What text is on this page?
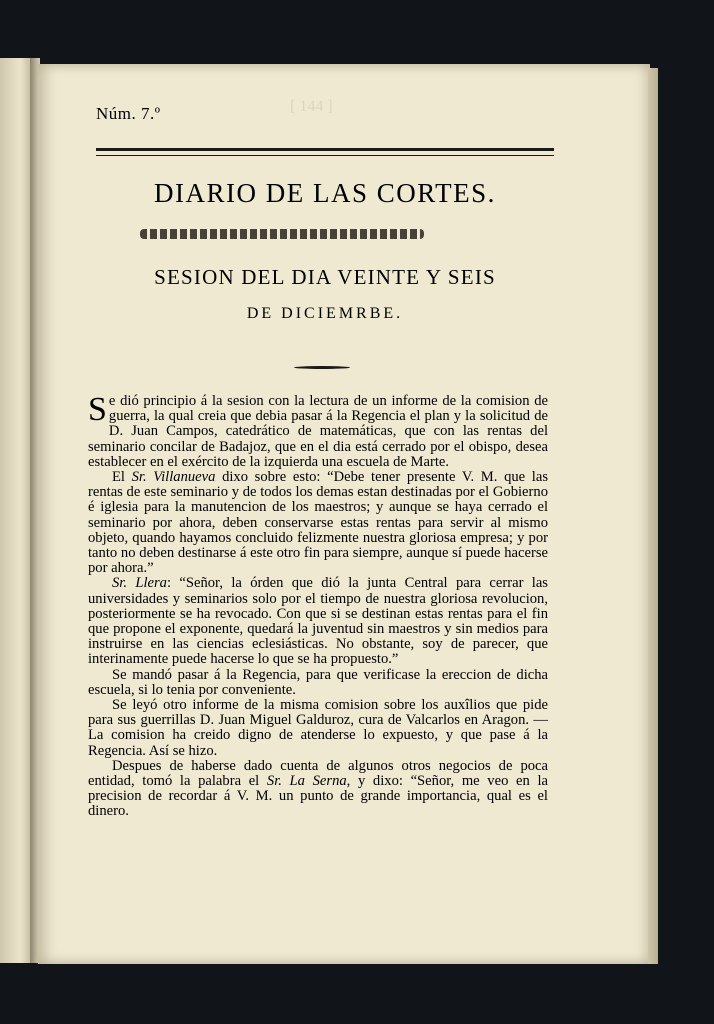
[ 144 ]
Núm. 7.º
DIARIO DE LAS CORTES.
SESION DEL DIA VEINTE Y SEIS
DE DICIEMRBE.

Se dió principio á la sesion con la lectura de un informe de la comision de guerra, la qual creia que debia pasar á la Regencia el plan y la solicitud de D. Juan Campos, catedrático de matemáticas, que con las rentas del seminario concilar de Badajoz, que en el dia está cerrado por el obispo, desea establecer en el exército de la izquierda una escuela de Marte.

El Sr. Villanueva dixo sobre esto: “Debe tener presente V. M. que las rentas de este seminario y de todos los demas estan destinadas por el Gobierno é iglesia para la manutencion de los maestros; y aunque se haya cerrado el seminario por ahora, deben conservarse estas rentas para servir al mismo objeto, quando hayamos concluido felizmente nuestra gloriosa empresa; y por tanto no deben destinarse á este otro fin para siempre, aunque sí puede hacerse por ahora.”

Sr. Llera: “Señor, la órden que dió la junta Central para cerrar las universidades y seminarios solo por el tiempo de nuestra gloriosa revolucion, posteriormente se ha revocado. Con que si se destinan estas rentas para el fin que propone el exponente, quedará la juventud sin maestros y sin medios para instruirse en las ciencias eclesiásticas. No obstante, soy de parecer, que interinamente puede hacerse lo que se ha propuesto.”

Se mandó pasar á la Regencia, para que verificase la ereccion de dicha escuela, si lo tenia por conveniente.

Se leyó otro informe de la misma comision sobre los auxîlios que pide para sus guerrillas D. Juan Miguel Galduroz, cura de Valcarlos en Aragon. — La comision ha creido digno de atenderse lo expuesto, y que pase á la Regencia. Así se hizo.

Despues de haberse dado cuenta de algunos otros negocios de poca entidad, tomó la palabra el Sr. La Serna, y dixo: “Señor, me veo en la precision de recordar á V. M. un punto de grande importancia, qual es el dinero.
